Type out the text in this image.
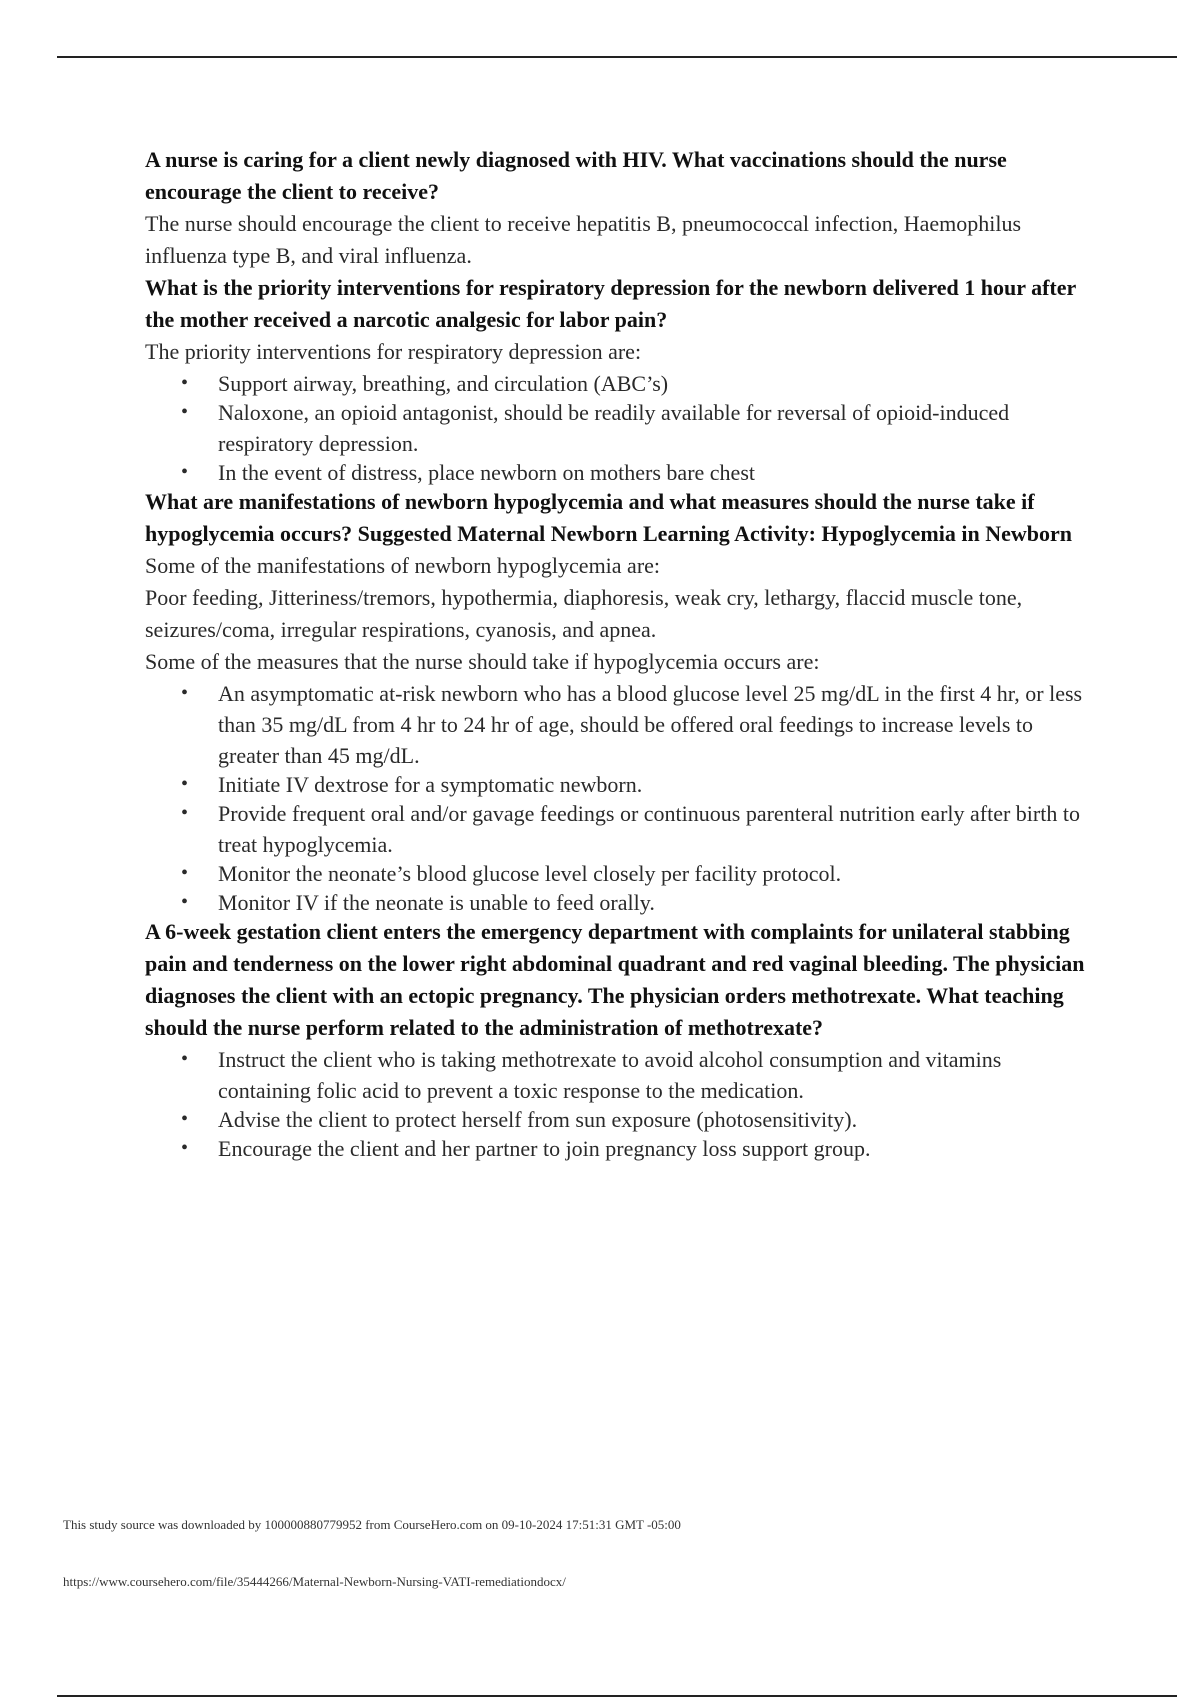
A nurse is caring for a client newly diagnosed with HIV. What vaccinations should the nurse encourage the client to receive?

The nurse should encourage the client to receive hepatitis B, pneumococcal infection, Haemophilus influenza type B, and viral influenza.

What is the priority interventions for respiratory depression for the newborn delivered 1 hour after the mother received a narcotic analgesic for labor pain?

The priority interventions for respiratory depression are:

• Support airway, breathing, and circulation (ABC’s)
• Naloxone, an opioid antagonist, should be readily available for reversal of opioid-induced respiratory depression.
• In the event of distress, place newborn on mothers bare chest

What are manifestations of newborn hypoglycemia and what measures should the nurse take if hypoglycemia occurs? Suggested Maternal Newborn Learning Activity: Hypoglycemia in Newborn

Some of the manifestations of newborn hypoglycemia are:

Poor feeding, Jitteriness/tremors, hypothermia, diaphoresis, weak cry, lethargy, flaccid muscle tone, seizures/coma, irregular respirations, cyanosis, and apnea.

Some of the measures that the nurse should take if hypoglycemia occurs are:

• An asymptomatic at-risk newborn who has a blood glucose level 25 mg/dL in the first 4 hr, or less than 35 mg/dL from 4 hr to 24 hr of age, should be offered oral feedings to increase levels to greater than 45 mg/dL.
• Initiate IV dextrose for a symptomatic newborn.
• Provide frequent oral and/or gavage feedings or continuous parenteral nutrition early after birth to treat hypoglycemia.
• Monitor the neonate’s blood glucose level closely per facility protocol.
• Monitor IV if the neonate is unable to feed orally.

A 6-week gestation client enters the emergency department with complaints for unilateral stabbing pain and tenderness on the lower right abdominal quadrant and red vaginal bleeding. The physician diagnoses the client with an ectopic pregnancy. The physician orders methotrexate. What teaching should the nurse perform related to the administration of methotrexate?

• Instruct the client who is taking methotrexate to avoid alcohol consumption and vitamins containing folic acid to prevent a toxic response to the medication.
• Advise the client to protect herself from sun exposure (photosensitivity).
• Encourage the client and her partner to join pregnancy loss support group.
This study source was downloaded by 100000880779952 from CourseHero.com on 09-10-2024 17:51:31 GMT -05:00
https://www.coursehero.com/file/35444266/Maternal-Newborn-Nursing-VATI-remediationdocx/
